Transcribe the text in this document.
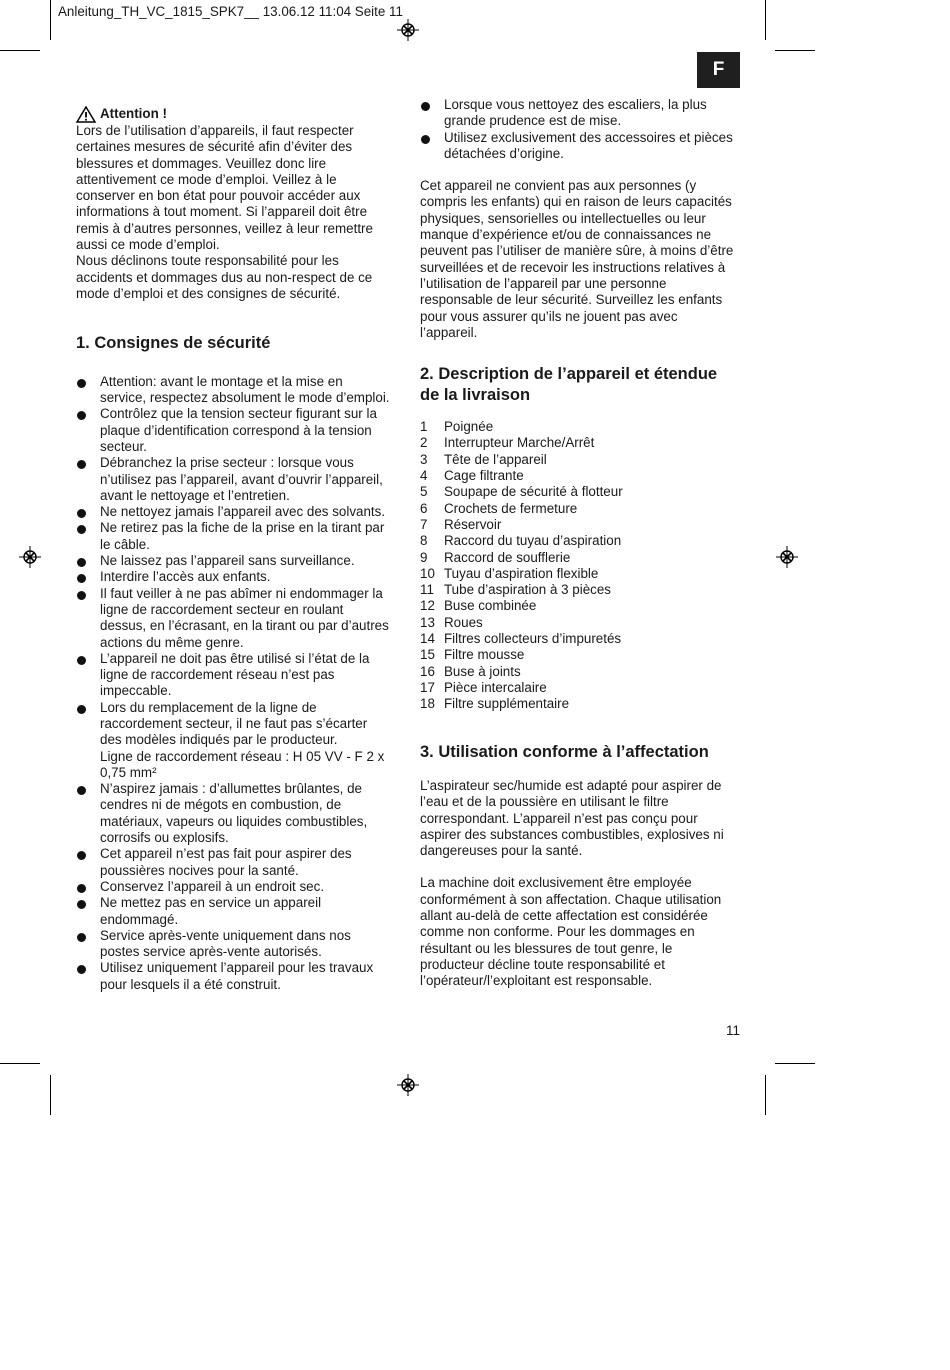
Anleitung_TH_VC_1815_SPK7__ 13.06.12 11:04 Seite 11
F
Attention !
Lors de l’utilisation d’appareils, il faut respecter
certaines mesures de sécurité afin d’éviter des
blessures et dommages. Veuillez donc lire
attentivement ce mode d’emploi. Veillez à le
conserver en bon état pour pouvoir accéder aux
informations à tout moment. Si l’appareil doit être
remis à d’autres personnes, veillez à leur remettre
aussi ce mode d’emploi.
Nous déclinons toute responsabilité pour les
accidents et dommages dus au non-respect de ce
mode d’emploi et des consignes de sécurité.
1. Consignes de sécurité
Attention: avant le montage et la mise en
service, respectez absolument le mode d’emploi.
Contrôlez que la tension secteur figurant sur la
plaque d’identification correspond à la tension
secteur.
Débranchez la prise secteur : lorsque vous
n’utilisez pas l’appareil, avant d’ouvrir l’appareil,
avant le nettoyage et l’entretien.
Ne nettoyez jamais l’appareil avec des solvants.
Ne retirez pas la fiche de la prise en la tirant par
le câble.
Ne laissez pas l’appareil sans surveillance.
Interdire l’accès aux enfants.
Il faut veiller à ne pas abîmer ni endommager la
ligne de raccordement secteur en roulant
dessus, en l’écrasant, en la tirant ou par d’autres
actions du même genre.
L’appareil ne doit pas être utilisé si l’état de la
ligne de raccordement réseau n’est pas
impeccable.
Lors du remplacement de la ligne de
raccordement secteur, il ne faut pas s’écarter
des modèles indiqués par le producteur.
Ligne de raccordement réseau : H 05 VV - F 2 x
0,75 mm²
N’aspirez jamais : d’allumettes brûlantes, de
cendres ni de mégots en combustion, de
matériaux, vapeurs ou liquides combustibles,
corrosifs ou explosifs.
Cet appareil n’est pas fait pour aspirer des
poussières nocives pour la santé.
Conservez l’appareil à un endroit sec.
Ne mettez pas en service un appareil
endommagé.
Service après-vente uniquement dans nos
postes service après-vente autorisés.
Utilisez uniquement l’appareil pour les travaux
pour lesquels il a été construit.
Lorsque vous nettoyez des escaliers, la plus
grande prudence est de mise.
Utilisez exclusivement des accessoires et pièces
détachées d’origine.
Cet appareil ne convient pas aux personnes (y
compris les enfants) qui en raison de leurs capacités
physiques, sensorielles ou intellectuelles ou leur
manque d’expérience et/ou de connaissances ne
peuvent pas l’utiliser de manière sûre, à moins d’être
surveillées et de recevoir les instructions relatives à
l’utilisation de l’appareil par une personne
responsable de leur sécurité. Surveillez les enfants
pour vous assurer qu’ils ne jouent pas avec
l’appareil.
2. Description de l’appareil et étendue
de la livraison
1	Poignée
2	Interrupteur Marche/Arrêt
3	Tête de l’appareil
4	Cage filtrante
5	Soupape de sécurité à flotteur
6	Crochets de fermeture
7	Réservoir
8	Raccord du tuyau d’aspiration
9	Raccord de soufflerie
10 Tuyau d’aspiration flexible
11 Tube d’aspiration à 3 pièces
12 Buse combinée
13 Roues
14 Filtres collecteurs d’impuretés
15 Filtre mousse
16 Buse à joints
17 Pièce intercalaire
18 Filtre supplémentaire
3. Utilisation conforme à l’affectation
L’aspirateur sec/humide est adapté pour aspirer de
l’eau et de la poussière en utilisant le filtre
correspondant. L’appareil n’est pas conçu pour
aspirer des substances combustibles, explosives ni
dangereuses pour la santé.
La machine doit exclusivement être employée
conformément à son affectation. Chaque utilisation
allant au-delà de cette affectation est considérée
comme non conforme. Pour les dommages en
résultant ou les blessures de tout genre, le
producteur décline toute responsabilité et
l’opérateur/l’exploitant est responsable.
11
